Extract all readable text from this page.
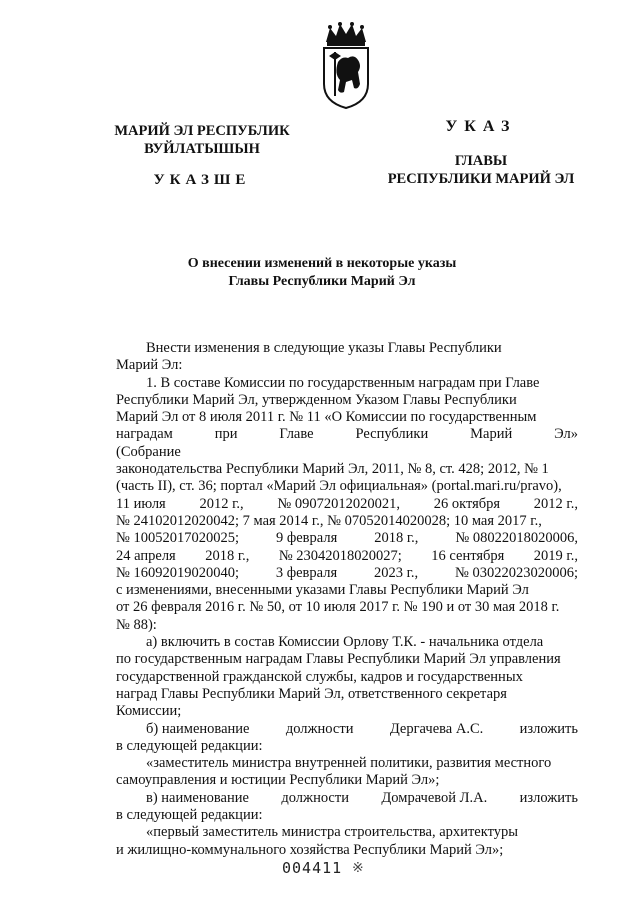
МАРИЙ ЭЛ РЕСПУБЛИК
ВУЙЛАТЫШЫН
УКАЗШЕ
УКАЗ
ГЛАВЫ
РЕСПУБЛИКИ МАРИЙ ЭЛ
О внесении изменений в некоторые указы
Главы Республики Марий Эл

Внести изменения в следующие указы Главы Республики

Марий Эл:

1. В составе Комиссии по государственным наградам при Главе

Республики Марий Эл, утвержденном Указом Главы Республики

Марий Эл от 8 июля 2011 г. № 11 «О Комиссии по государственным

наградам при Главе Республики Марий Эл» (Собрание

законодательства Республики Марий Эл, 2011, № 8, ст. 428; 2012, № 1

(часть II), ст. 36; портал «Марий Эл официальная» (portal.mari.ru/pravo),

11 июля 2012 г., № 09072012020021, 26 октября 2012 г.,

№ 24102012020042; 7 мая 2014 г., № 07052014020028; 10 мая 2017 г.,

№ 10052017020025;	9 февраля	2018 г.,	№ 08022018020006,
24 апреля 2018 г., № 23042018020027; 16 сентября 2019 г.,
№ 16092019020040;	3 февраля	2023 г.,	№ 03022023020006;

с изменениями, внесенными указами Главы Республики Марий Эл

от 26 февраля 2016 г. № 50, от 10 июля 2017 г. № 190 и от 30 мая 2018 г.

№ 88):

а) включить в состав Комиссии Орлову Т.К. - начальника отдела

по государственным наградам Главы Республики Марий Эл управления

государственной гражданской службы, кадров и государственных

наград Главы Республики Марий Эл, ответственного секретаря

Комиссии;

б) наименование	должности	Дергачева А.С.	изложить

в следующей редакции:

«заместитель министра внутренней политики, развития местного

самоуправления и юстиции Республики Марий Эл»;

в) наименование должности Домрачевой Л.А. изложить

в следующей редакции:

«первый заместитель министра строительства, архитектуры

и жилищно-коммунального хозяйства Республики Марий Эл»;

004411 ※
